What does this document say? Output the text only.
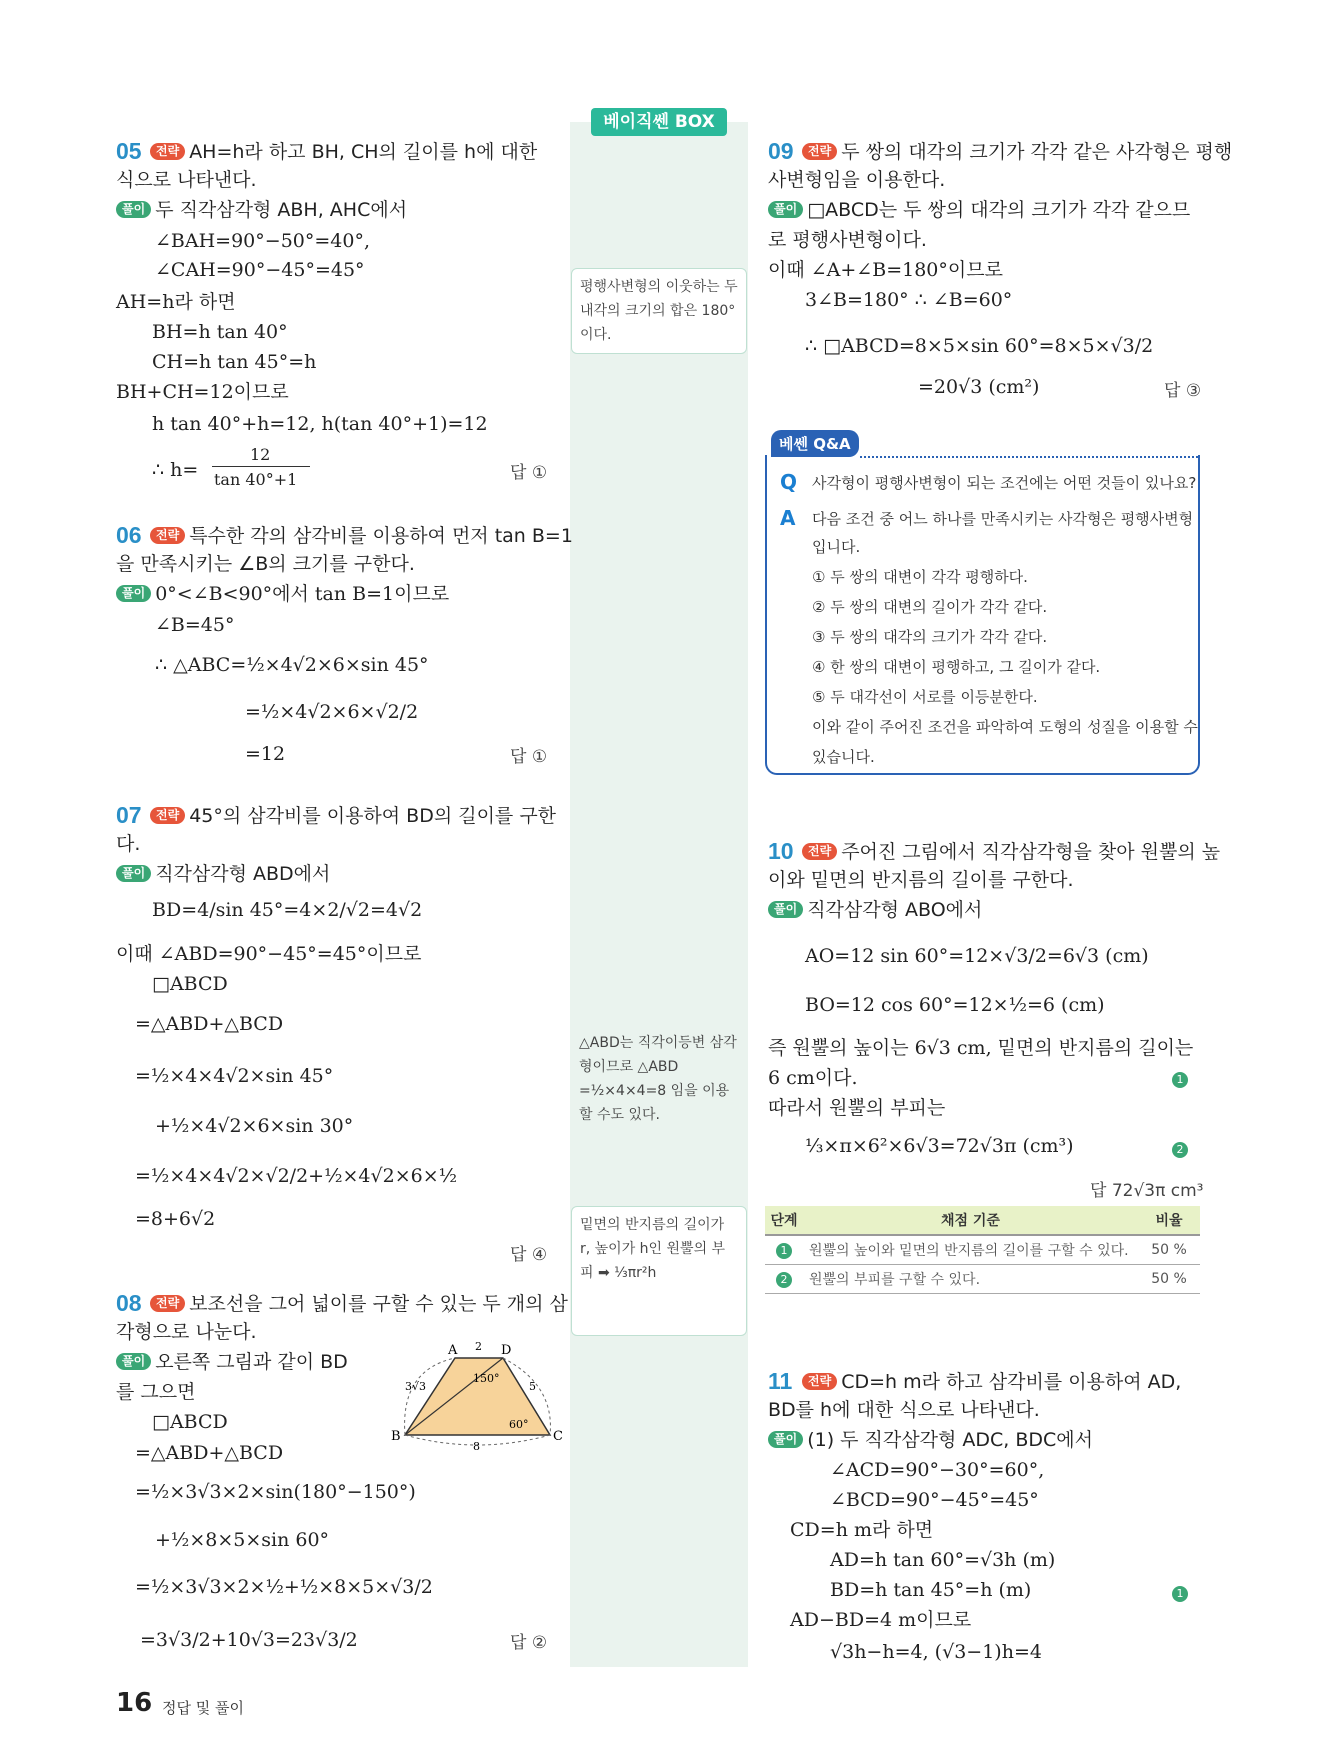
베이직쎈 BOX
평행사변형의 이웃하는 두 내각의 크기의 합은 180°이다.
△ABD는 직각이등변 삼각형이므로 △ABD =½×4×4=8 임을 이용할 수도 있다.
밑면의 반지름의 길이가 r, 높이가 h인 원뿔의 부피 ➡ ⅓πr²h
05	전략 AH=h라 하고 BH, CH의 길이를 h에 대한
식으로 나타낸다.
풀이 두 직각삼각형 ABH, AHC에서
∠BAH=90°−50°=40°,
∠CAH=90°−45°=45°
AH=h라 하면
BH=h tan 40°
CH=h tan 45°=h
BH+CH=12이므로
h tan 40°+h=12, h(tan 40°+1)=12
∴ h=
12
tan 40°+1	답 ①
06	전략 특수한 각의 삼각비를 이용하여 먼저 tan B=1
을 만족시키는 ∠B의 크기를 구한다.
풀이 0°<∠B<90°에서 tan B=1이므로
∠B=45°
∴ △ABC=½×4√2×6×sin 45°
=½×4√2×6×√2/2
=12	답 ①
07	전략 45°의 삼각비를 이용하여 BD의 길이를 구한
다.
풀이 직각삼각형 ABD에서
BD=4/sin 45°=4×2/√2=4√2
이때 ∠ABD=90°−45°=45°이므로
□ABCD
=△ABD+△BCD
=½×4×4√2×sin 45°
+½×4√2×6×sin 30°
=½×4×4√2×√2/2+½×4√2×6×½
=8+6√2
답 ④
08	전략 보조선을 그어 넓이를 구할 수 있는 두 개의 삼
각형으로 나눈다.
풀이 오른쪽 그림과 같이 BD
를 그으면
□ABCD
=△ABD+△BCD
=½×3√3×2×sin(180°−150°)
+½×8×5×sin 60°
=½×3√3×2×½+½×8×5×√3/2
=3√3/2+10√3=23√3/2	답 ②
A	D
B	C
2
3√3	5
8
150°
60°
09	전략 두 쌍의 대각의 크기가 각각 같은 사각형은 평행
사변형임을 이용한다.
풀이 □ABCD는 두 쌍의 대각의 크기가 각각 같으므
로 평행사변형이다.
이때 ∠A+∠B=180°이므로
3∠B=180° ∴ ∠B=60°
∴ □ABCD=8×5×sin 60°=8×5×√3/2
=20√3 (cm²)	답 ③
베쎈 Q&A
Q 사각형이 평행사변형이 되는 조건에는 어떤 것들이 있나요?
A 다음 조건 중 어느 하나를 만족시키는 사각형은 평행사변형
입니다.
① 두 쌍의 대변이 각각 평행하다.
② 두 쌍의 대변의 길이가 각각 같다.
③ 두 쌍의 대각의 크기가 각각 같다.
④ 한 쌍의 대변이 평행하고, 그 길이가 같다.
⑤ 두 대각선이 서로를 이등분한다.
이와 같이 주어진 조건을 파악하여 도형의 성질을 이용할 수
있습니다.
10	전략 주어진 그림에서 직각삼각형을 찾아 원뿔의 높
이와 밑면의 반지름의 길이를 구한다.
풀이 직각삼각형 ABO에서
AO=12 sin 60°=12×√3/2=6√3 (cm)
BO=12 cos 60°=12×½=6 (cm)
즉 원뿔의 높이는 6√3 cm, 밑면의 반지름의 길이는
6 cm이다.	1
따라서 원뿔의 부피는
⅓×π×6²×6√3=72√3π (cm³)	2
답 72√3π cm³
단계	채점 기준	비율
1	원뿔의 높이와 밑면의 반지름의 길이를 구할 수 있다.	50 %
2	원뿔의 부피를 구할 수 있다.	50 %
11	전략 CD=h m라 하고 삼각비를 이용하여 AD,
BD를 h에 대한 식으로 나타낸다.
풀이 (1) 두 직각삼각형 ADC, BDC에서
∠ACD=90°−30°=60°,
∠BCD=90°−45°=45°
CD=h m라 하면
AD=h tan 60°=√3h (m)
BD=h tan 45°=h (m)	1
AD−BD=4 m이므로
√3h−h=4, (√3−1)h=4
16 정답 및 풀이
